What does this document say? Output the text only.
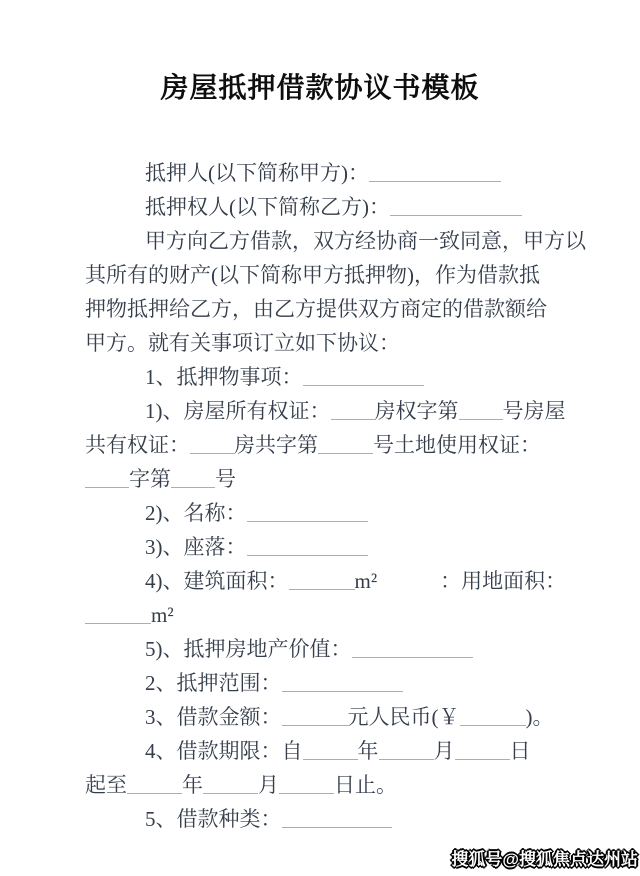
房屋抵押借款协议书模板
抵押人(以下简称甲方)：
抵押权人(以下简称乙方)：
甲方向乙方借款，双方经协商一致同意，甲方以
其所有的财产(以下简称甲方抵押物)，作为借款抵
押物抵押给乙方，由乙方提供双方商定的借款额给
甲方。就有关事项订立如下协议：
1、抵押物事项：
1)、房屋所有权证： 房权字第 号房屋
共有权证： 房共字第	号土地使用权证：
字第 号
2)、名称：
3)、座落：
4)、建筑面积：	m²　　　：用地面积：
m²
5)、抵押房地产价值：
2、抵押范围：
3、借款金额：	元人民币(￥	)。
4、借款期限：自	年	月	日
起至	年	月	日止。
5、借款种类：
搜狐号@搜狐焦点达州站
